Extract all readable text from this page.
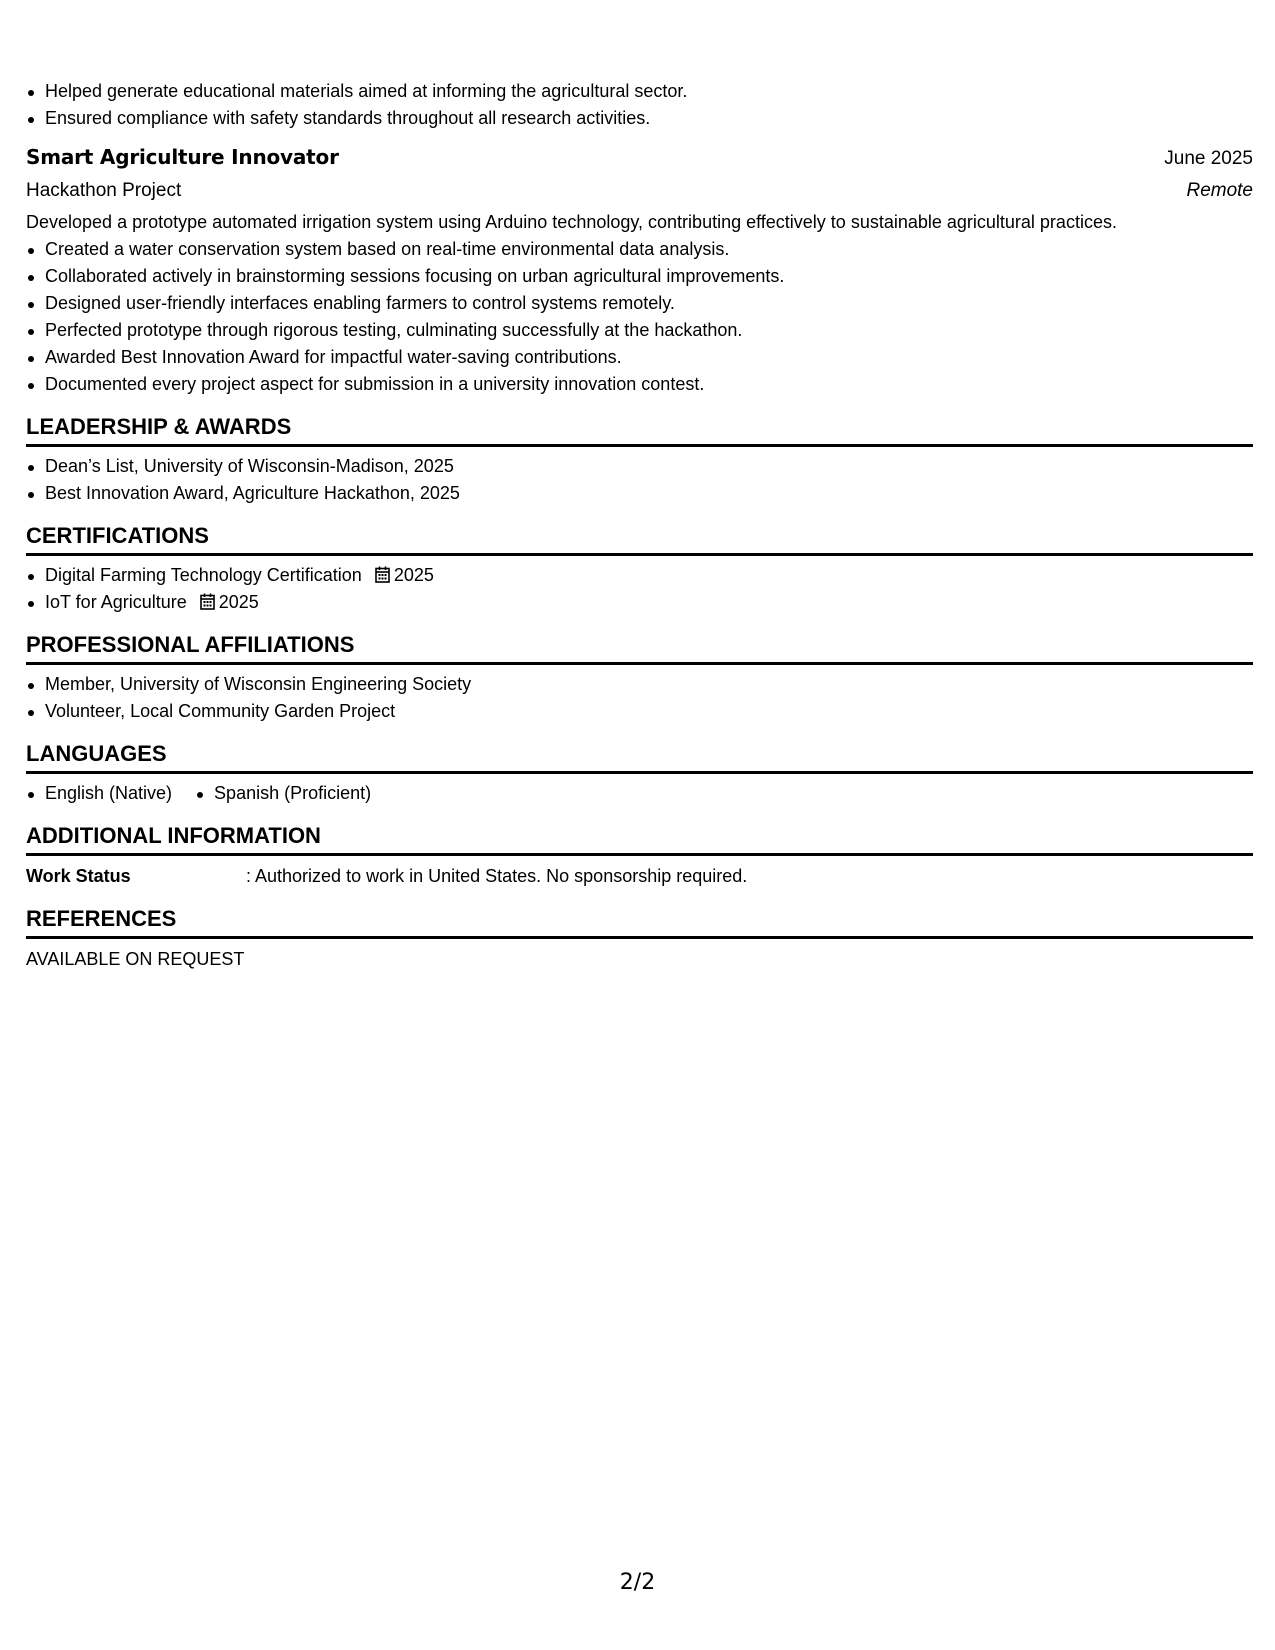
Helped generate educational materials aimed at informing the agricultural sector.
Ensured compliance with safety standards throughout all research activities.
Smart Agriculture Innovator	June 2025
Hackathon Project	Remote
Developed a prototype automated irrigation system using Arduino technology, contributing effectively to sustainable agricultural practices.
Created a water conservation system based on real-time environmental data analysis.
Collaborated actively in brainstorming sessions focusing on urban agricultural improvements.
Designed user-friendly interfaces enabling farmers to control systems remotely.
Perfected prototype through rigorous testing, culminating successfully at the hackathon.
Awarded Best Innovation Award for impactful water-saving contributions.
Documented every project aspect for submission in a university innovation contest.
LEADERSHIP & AWARDS
Dean’s List, University of Wisconsin-Madison, 2025
Best Innovation Award, Agriculture Hackathon, 2025
CERTIFICATIONS
Digital Farming Technology Certification 2025
IoT for Agriculture 2025
PROFESSIONAL AFFILIATIONS
Member, University of Wisconsin Engineering Society
Volunteer, Local Community Garden Project
LANGUAGES
English (Native)	Spanish (Proficient)
ADDITIONAL INFORMATION
Work Status	: Authorized to work in United States. No sponsorship required.
REFERENCES
AVAILABLE ON REQUEST
2/2
